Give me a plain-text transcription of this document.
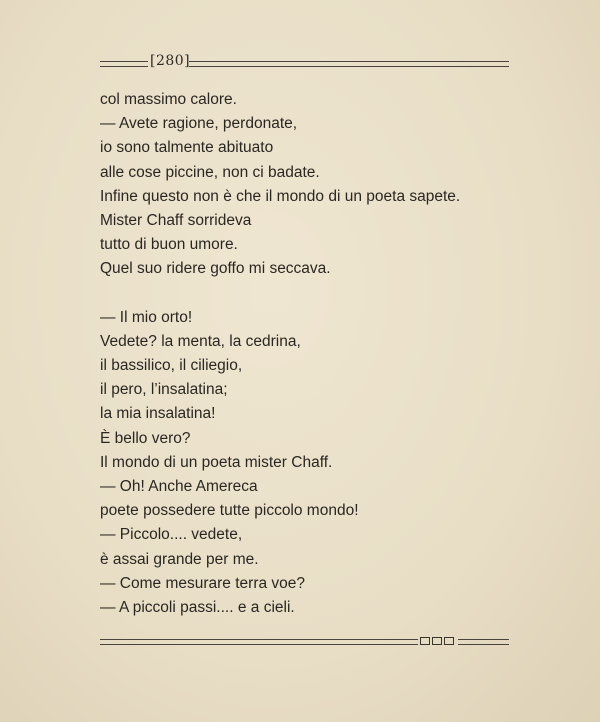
[280]
col massimo calore.
— Avete ragione, perdonate,
io sono talmente abituato
alle cose piccine, non ci badate.
Infine questo non è che il mondo di un poeta sapete.
Mister Chaff sorrideva
tutto di buon umore.
Quel suo ridere goffo mi seccava.
— Il mio orto!
Vedete? la menta, la cedrina,
il bassilico, il ciliegio,
il pero, l’insalatina;
la mia insalatina!
È bello vero?
Il mondo di un poeta mister Chaff.
— Oh! Anche Amereca
poete possedere tutte piccolo mondo!
— Piccolo.... vedete,
è assai grande per me.
— Come mesurare terra voe?
— A piccoli passi.... e a cieli.
